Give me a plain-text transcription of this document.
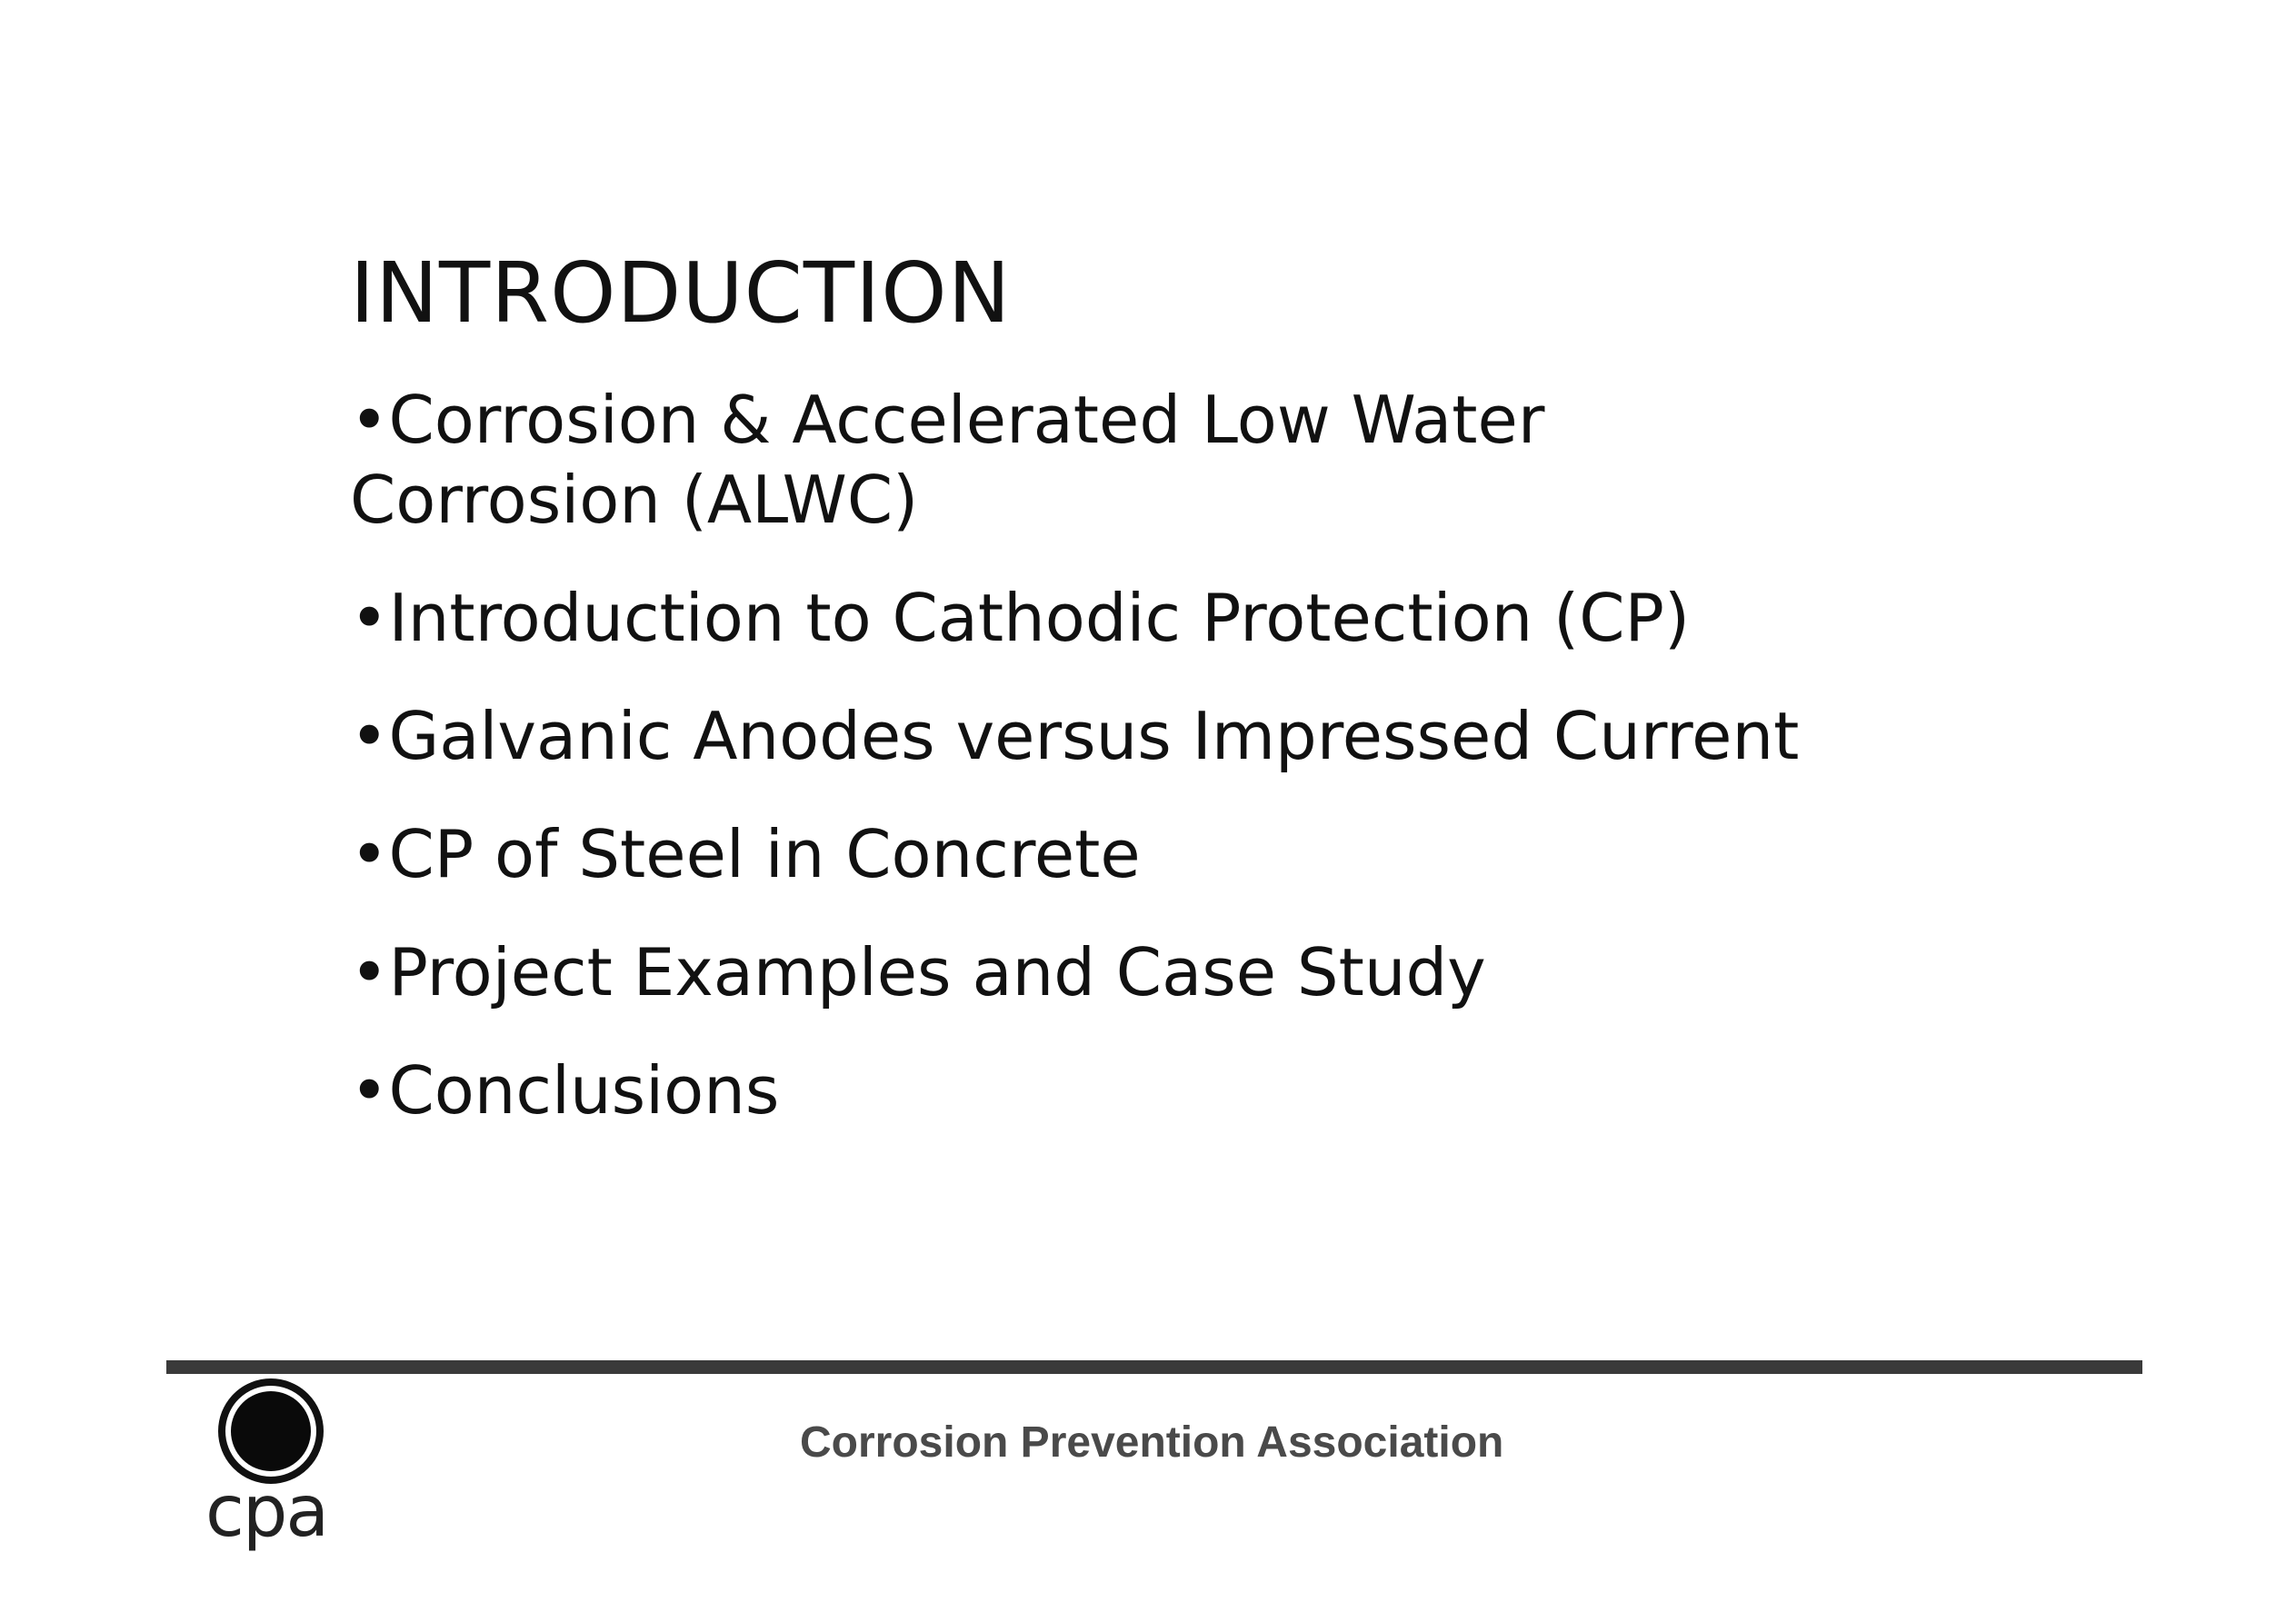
INTRODUCTION
•Corrosion & Accelerated Low Water Corrosion (ALWC)
•Introduction to Cathodic Protection (CP)
•Galvanic Anodes versus Impressed Current
•CP of Steel in Concrete
•Project Examples and Case Study
•Conclusions
cpa
Corrosion Prevention Association
